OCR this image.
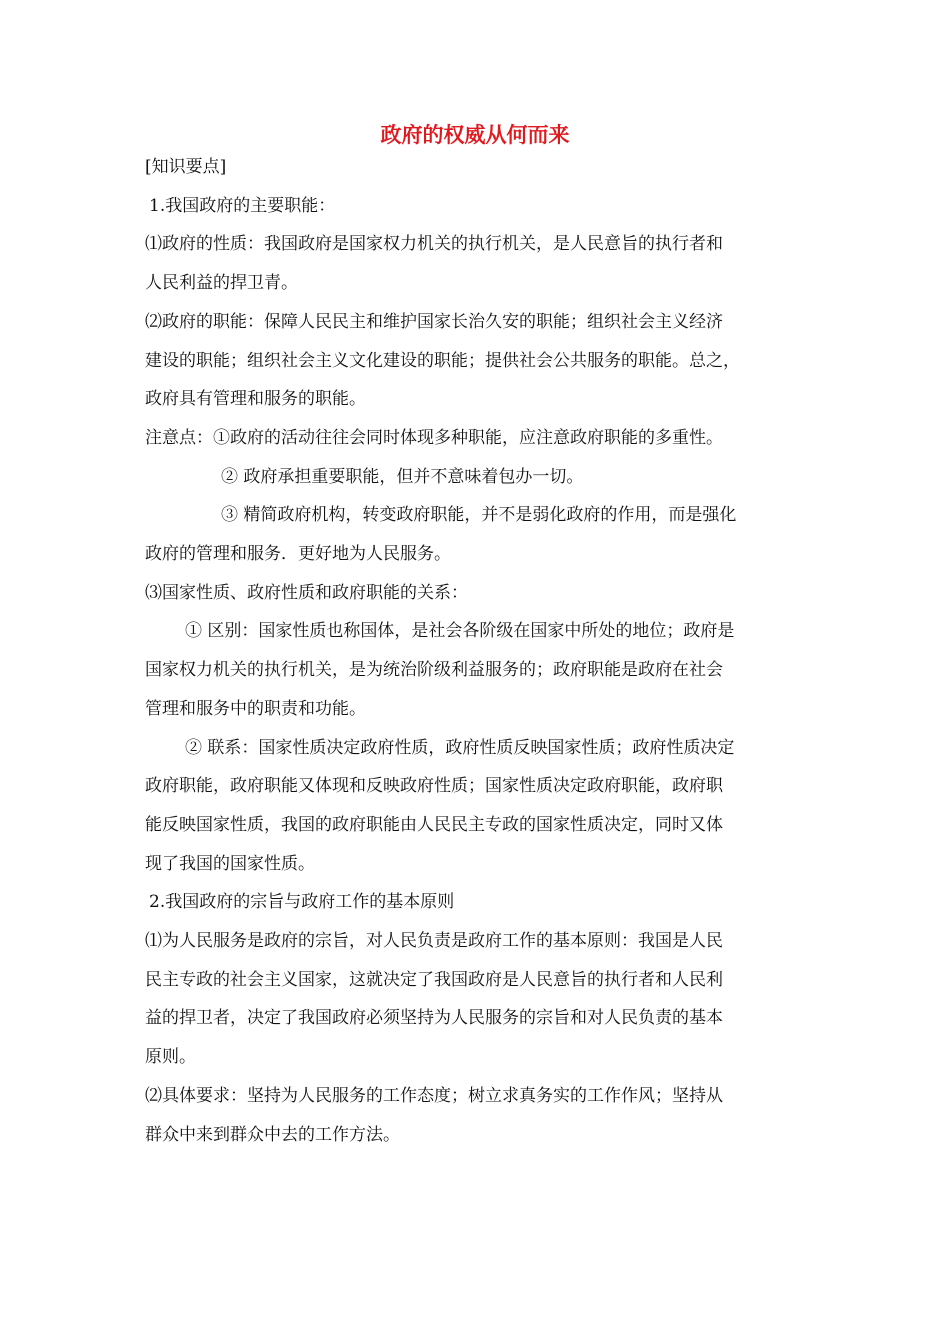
政府的权威从何而来
[知识要点]
1.我国政府的主要职能：
⑴政府的性质：我国政府是国家权力机关的执行机关，是人民意旨的执行者和
人民利益的捍卫青。
⑵政府的职能：保障人民民主和维护国家长治久安的职能；组织社会主义经济
建设的职能；组织社会主义文化建设的职能；提供社会公共服务的职能。总之，
政府具有管理和服务的职能。
注意点：①政府的活动往往会同时体现多种职能，应注意政府职能的多重性。
② 政府承担重要职能，但并不意味着包办一切。
③ 精简政府机构，转变政府职能，并不是弱化政府的作用，而是强化
政府的管理和服务．更好地为人民服务。
⑶国家性质、政府性质和政府职能的关系：
① 区别：国家性质也称国体，是社会各阶级在国家中所处的地位；政府是
国家权力机关的执行机关，是为统治阶级利益服务的；政府职能是政府在社会
管理和服务中的职责和功能。
② 联系：国家性质决定政府性质，政府性质反映国家性质；政府性质决定
政府职能，政府职能又体现和反映政府性质；国家性质决定政府职能，政府职
能反映国家性质，我国的政府职能由人民民主专政的国家性质决定，同时又体
现了我国的国家性质。
2.我国政府的宗旨与政府工作的基本原则
⑴为人民服务是政府的宗旨，对人民负责是政府工作的基本原则：我国是人民
民主专政的社会主义国家，这就决定了我国政府是人民意旨的执行者和人民利
益的捍卫者，决定了我国政府必须坚持为人民服务的宗旨和对人民负责的基本
原则。
⑵具体要求：坚持为人民服务的工作态度；树立求真务实的工作作风；坚持从
群众中来到群众中去的工作方法。
